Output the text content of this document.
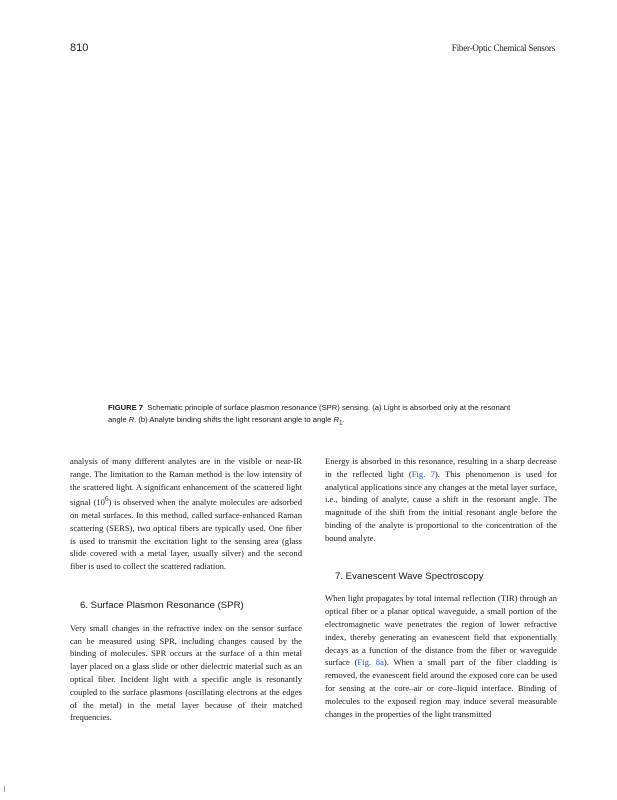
810	Fiber-Optic Chemical Sensors
FIGURE 7 Schematic principle of surface plasmon resonance (SPR) sensing. (a) Light is absorbed only at the resonant angle R. (b) Analyte binding shifts the light resonant angle to angle $R_1$.

analysis of many different analytes are in the visible or near-IR range. The limitation to the Raman method is the low intensity of the scattered light. A significant enhancement of the scattered light signal $(10^6)$ is observed when the analyte molecules are adsorbed on metal surfaces. In this method, called surface-enhanced Raman scattering (SERS), two optical fibers are typically used. One fiber is used to transmit the excitation light to the sensing area (glass slide covered with a metal layer, usually silver) and the second fiber is used to collect the scattered radiation.

6. Surface Plasmon Resonance (SPR)

Very small changes in the refractive index on the sensor surface can be measured using SPR, including changes caused by the binding of molecules. SPR occurs at the surface of a thin metal layer placed on a glass slide or other dielectric material such as an optical fiber. Incident light with a specific angle is resonantly coupled to the surface plasmons (oscillating electrons at the edges of the metal) in the metal layer because of their matched frequencies.

Energy is absorbed in this resonance, resulting in a sharp decrease in the reflected light (Fig. 7). This phenomenon is used for analytical applications since any changes at the metal layer surface, i.e., binding of analyte, cause a shift in the resonant angle. The magnitude of the shift from the initial resonant angle before the binding of the analyte is proportional to the concentration of the bound analyte.

7. Evanescent Wave Spectroscopy

When light propagates by total internal reflection (TIR) through an optical fiber or a planar optical waveguide, a small portion of the electromagnetic wave penetrates the region of lower refractive index, thereby generating an evanescent field that exponentially decays as a function of the distance from the fiber or waveguide surface (Fig. 8a). When a small part of the fiber cladding is removed, the evanescent field around the exposed core can be used for sensing at the core–air or core–liquid interface. Binding of molecules to the exposed region may induce several measurable changes in the properties of the light transmitted
